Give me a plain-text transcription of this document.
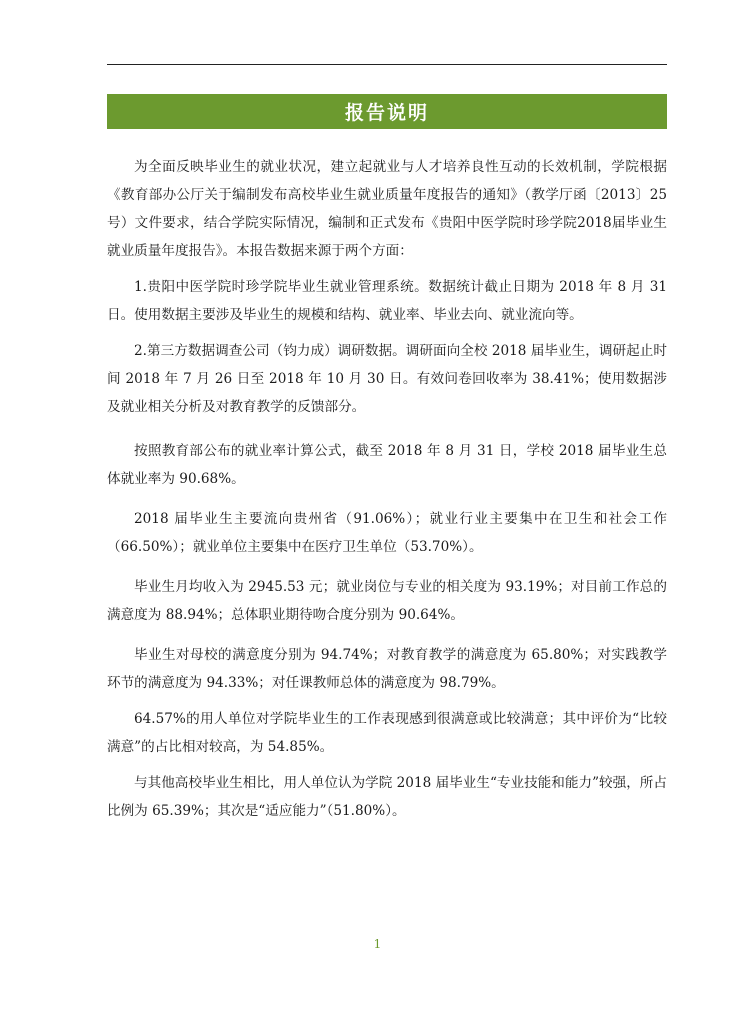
报告说明

为全面反映毕业生的就业状况，建立起就业与人才培养良性互动的长效机制，学院根据《教育部办公厅关于编制发布高校毕业生就业质量年度报告的通知》（教学厅函〔2013〕25号）文件要求，结合学院实际情况，编制和正式发布《贵阳中医学院时珍学院2018届毕业生就业质量年度报告》。本报告数据来源于两个方面：

1.贵阳中医学院时珍学院毕业生就业管理系统。数据统计截止日期为 2018 年 8 月 31 日。使用数据主要涉及毕业生的规模和结构、就业率、毕业去向、就业流向等。

2.第三方数据调查公司（钧力成）调研数据。调研面向全校 2018 届毕业生，调研起止时间 2018 年 7 月 26 日至 2018 年 10 月 30 日。有效问卷回收率为 38.41%；使用数据涉及就业相关分析及对教育教学的反馈部分。

按照教育部公布的就业率计算公式，截至 2018 年 8 月 31 日，学校 2018 届毕业生总体就业率为 90.68%。

2018 届毕业生主要流向贵州省（91.06%）；就业行业主要集中在卫生和社会工作（66.50%）；就业单位主要集中在医疗卫生单位（53.70%）。

毕业生月均收入为 2945.53 元；就业岗位与专业的相关度为 93.19%；对目前工作总的满意度为 88.94%；总体职业期待吻合度分别为 90.64%。

毕业生对母校的满意度分别为 94.74%；对教育教学的满意度为 65.80%；对实践教学环节的满意度为 94.33%；对任课教师总体的满意度为 98.79%。

64.57%的用人单位对学院毕业生的工作表现感到很满意或比较满意；其中评价为“比较满意”的占比相对较高，为 54.85%。

与其他高校毕业生相比，用人单位认为学院 2018 届毕业生“专业技能和能力”较强，所占比例为 65.39%；其次是“适应能力”（51.80%）。

1
